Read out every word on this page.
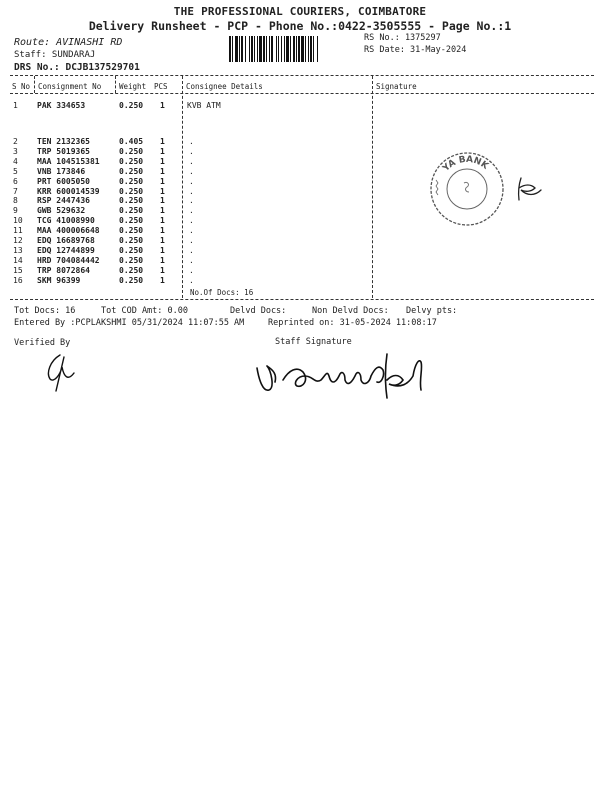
THE PROFESSIONAL COURIERS, COIMBATORE
Delivery Runsheet - PCP - Phone No.:0422-3505555 - Page No.:1
Route: AVINASHI RD
Staff: SUNDARAJ
DRS No.: DCJB137529701
RS No.: 1375297
RS Date: 31-May-2024
S No Consignment No Weight PCS Consignee Details	Signature
1 PAK 334653	0.250 1	KVB ATM
2 TEN 2132365	0.405 1	.
3 TRP 5019365	0.250 1	.
4 MAA 104515381 0.250 1	.
5 VNB 173846	0.250 1	.
6 PRT 6005050	0.250 1	.
7 KRR 600014539 0.250 1	.
8 RSP 2447436	0.250 1	.
9 GWB 529632	0.250 1	.
10 TCG 41008990	0.250 1	.
11 MAA 400006648 0.250 1	.
12 EDQ 16689768	0.250 1	.
13 EDQ 12744899	0.250 1	.
14 HRD 704084442 0.250 1	.
15 TRP 8072864	0.250 1	.
16 SKM 96399	0.250 1	.
No.Of Docs: 16
Tot Docs: 16	Tot COD Amt: 0.00	Delvd Docs:	Non Delvd Docs: Delvy pts:
Entered By :PCPLAKSHMI 05/31/2024 11:07:55 AM	Reprinted on: 31-05-2024 11:08:17
Verified By	Staff Signature
YA BANK
